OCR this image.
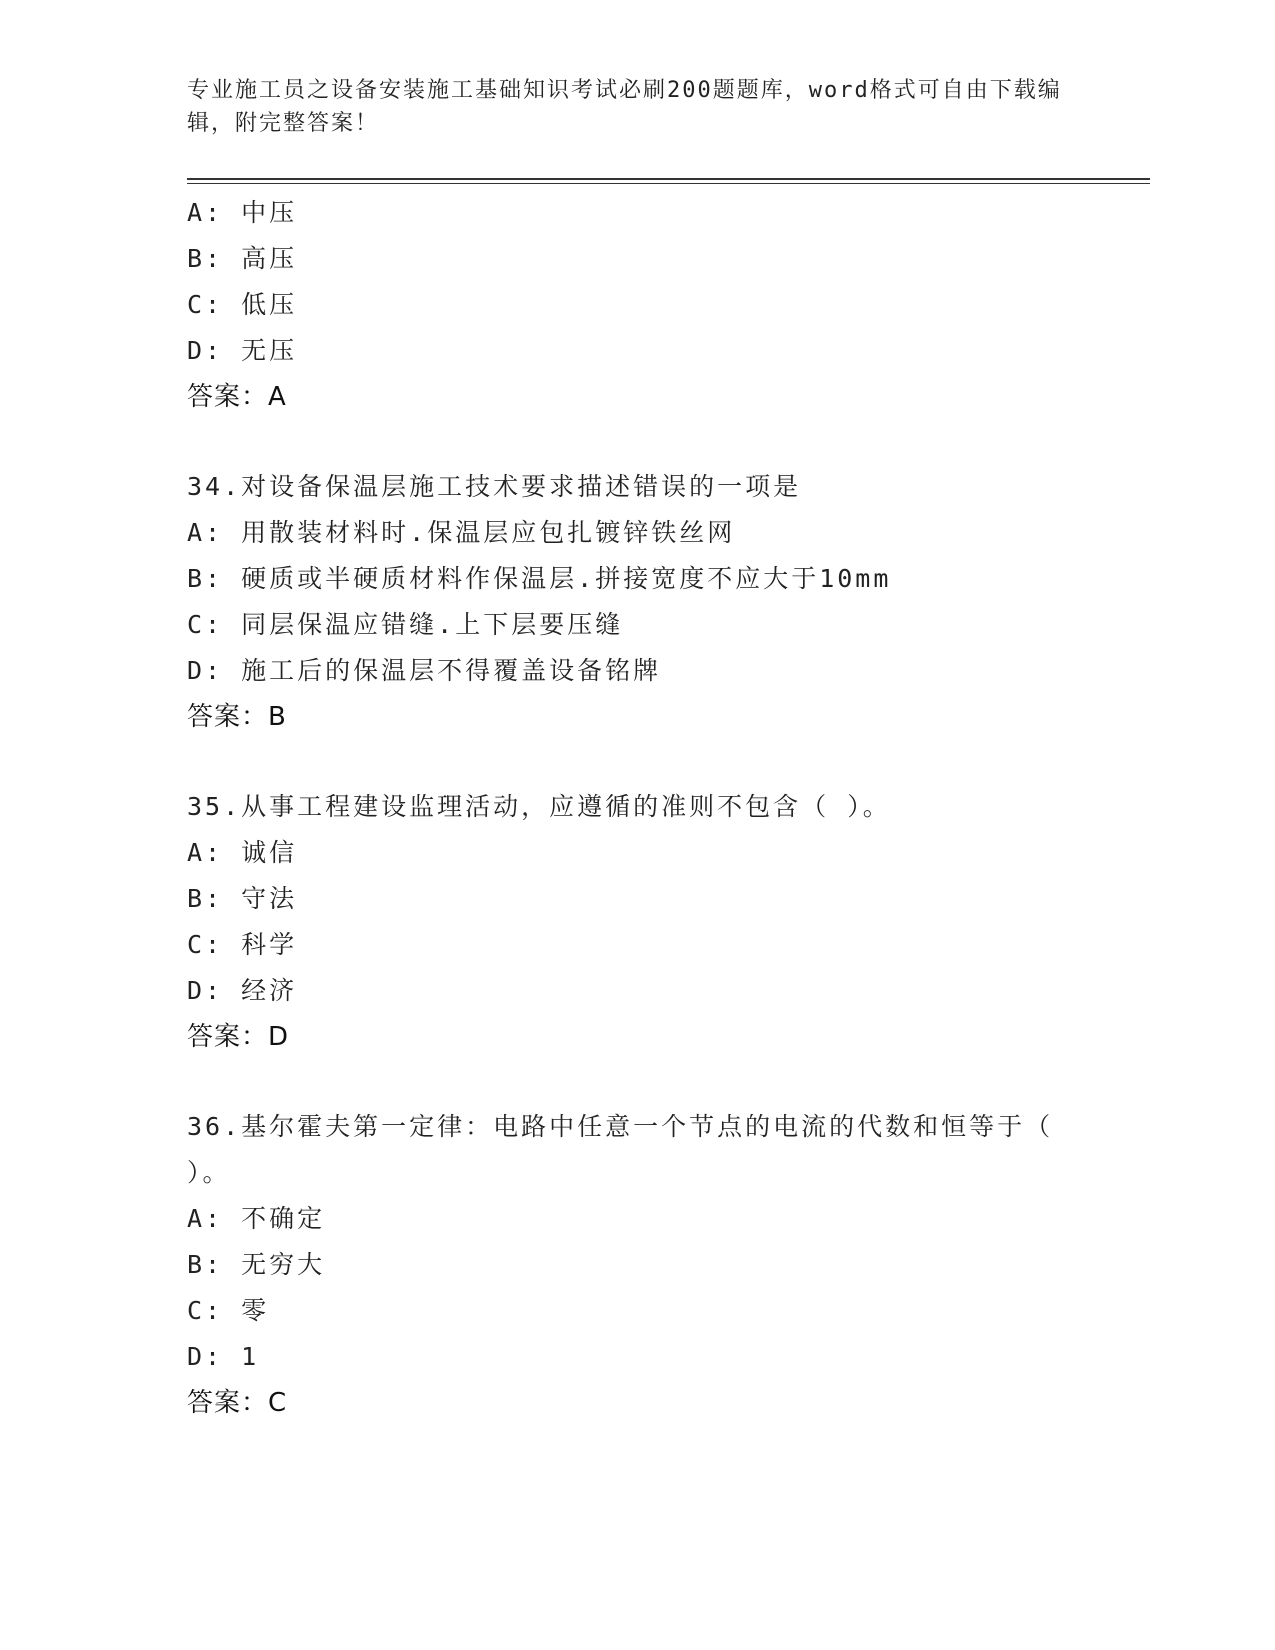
专业施工员之设备安装施工基础知识考试必刷200题题库，word格式可自由下载编辑，附完整答案！
A: 中压
B: 高压
C: 低压
D: 无压
答案：A
34.对设备保温层施工技术要求描述错误的一项是
A: 用散装材料时.保温层应包扎镀锌铁丝网
B: 硬质或半硬质材料作保温层.拼接宽度不应大于10mm
C: 同层保温应错缝.上下层要压缝
D: 施工后的保温层不得覆盖设备铭牌
答案：B
35.从事工程建设监理活动，应遵循的准则不包含（ ）。
A: 诚信
B: 守法
C: 科学
D: 经济
答案：D
36.基尔霍夫第一定律：电路中任意一个节点的电流的代数和恒等于（ ）。
A: 不确定
B: 无穷大
C: 零
D: 1
答案：C
